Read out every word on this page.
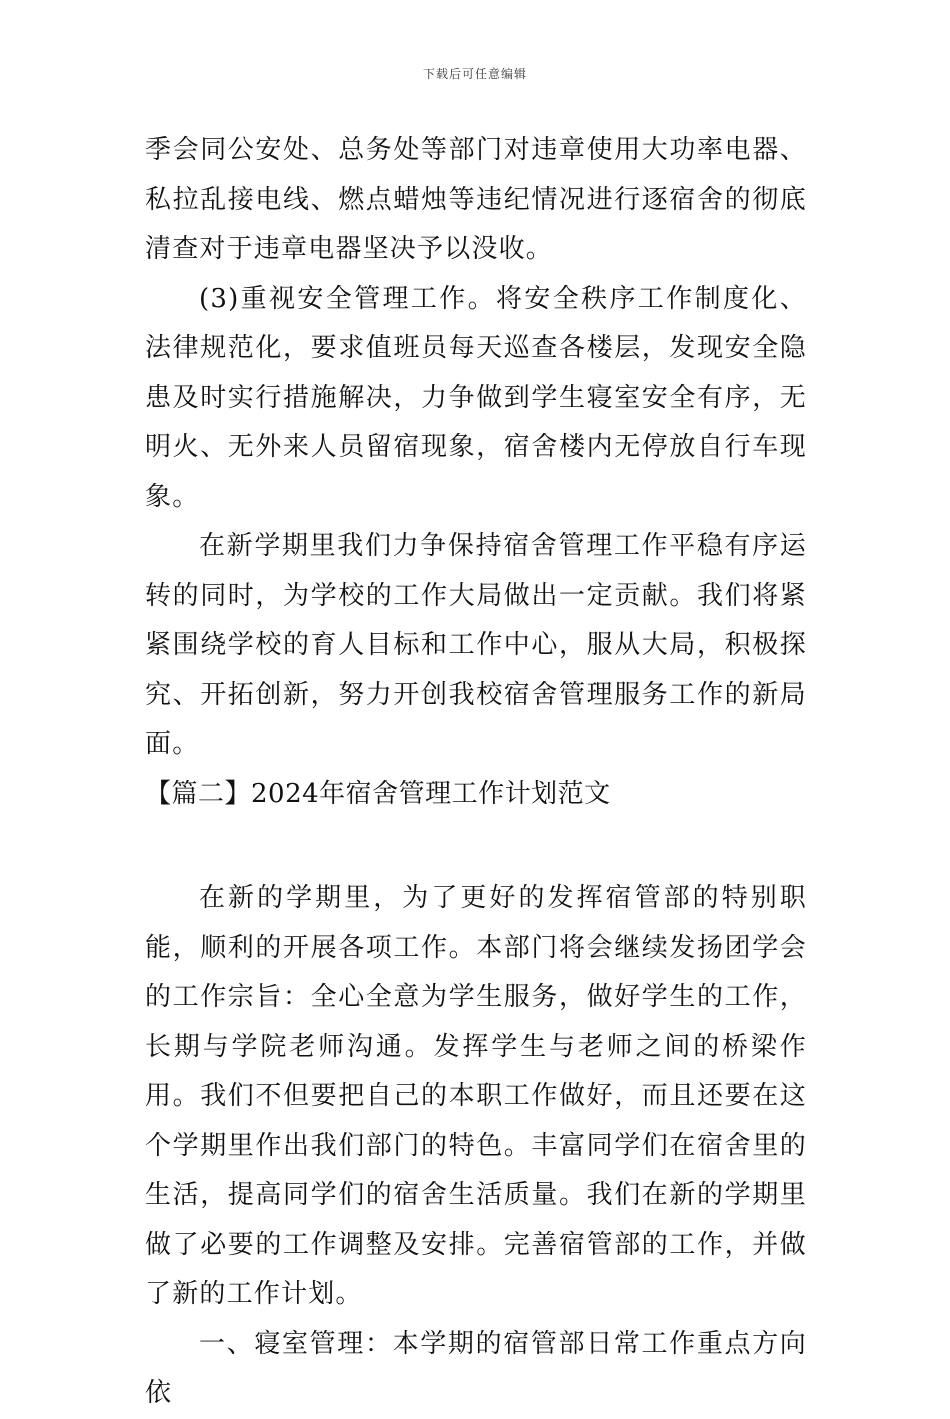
下载后可任意编辑

季会同公安处、总务处等部门对违章使用大功率电器、私拉乱接电线、燃点蜡烛等违纪情况进行逐宿舍的彻底清查对于违章电器坚决予以没收。

(3)重视安全管理工作。将安全秩序工作制度化、法律规范化，要求值班员每天巡查各楼层，发现安全隐患及时实行措施解决，力争做到学生寝室安全有序，无明火、无外来人员留宿现象，宿舍楼内无停放自行车现象。

在新学期里我们力争保持宿舍管理工作平稳有序运转的同时，为学校的工作大局做出一定贡献。我们将紧紧围绕学校的育人目标和工作中心，服从大局，积极探究、开拓创新，努力开创我校宿舍管理服务工作的新局面。

【篇二】2024年宿舍管理工作计划范文

在新的学期里，为了更好的发挥宿管部的特别职能，顺利的开展各项工作。本部门将会继续发扬团学会的工作宗旨：全心全意为学生服务，做好学生的工作，长期与学院老师沟通。发挥学生与老师之间的桥梁作用。我们不但要把自己的本职工作做好，而且还要在这个学期里作出我们部门的特色。丰富同学们在宿舍里的生活，提高同学们的宿舍生活质量。我们在新的学期里做了必要的工作调整及安排。完善宿管部的工作，并做了新的工作计划。

一、寝室管理：本学期的宿管部日常工作重点方向依
